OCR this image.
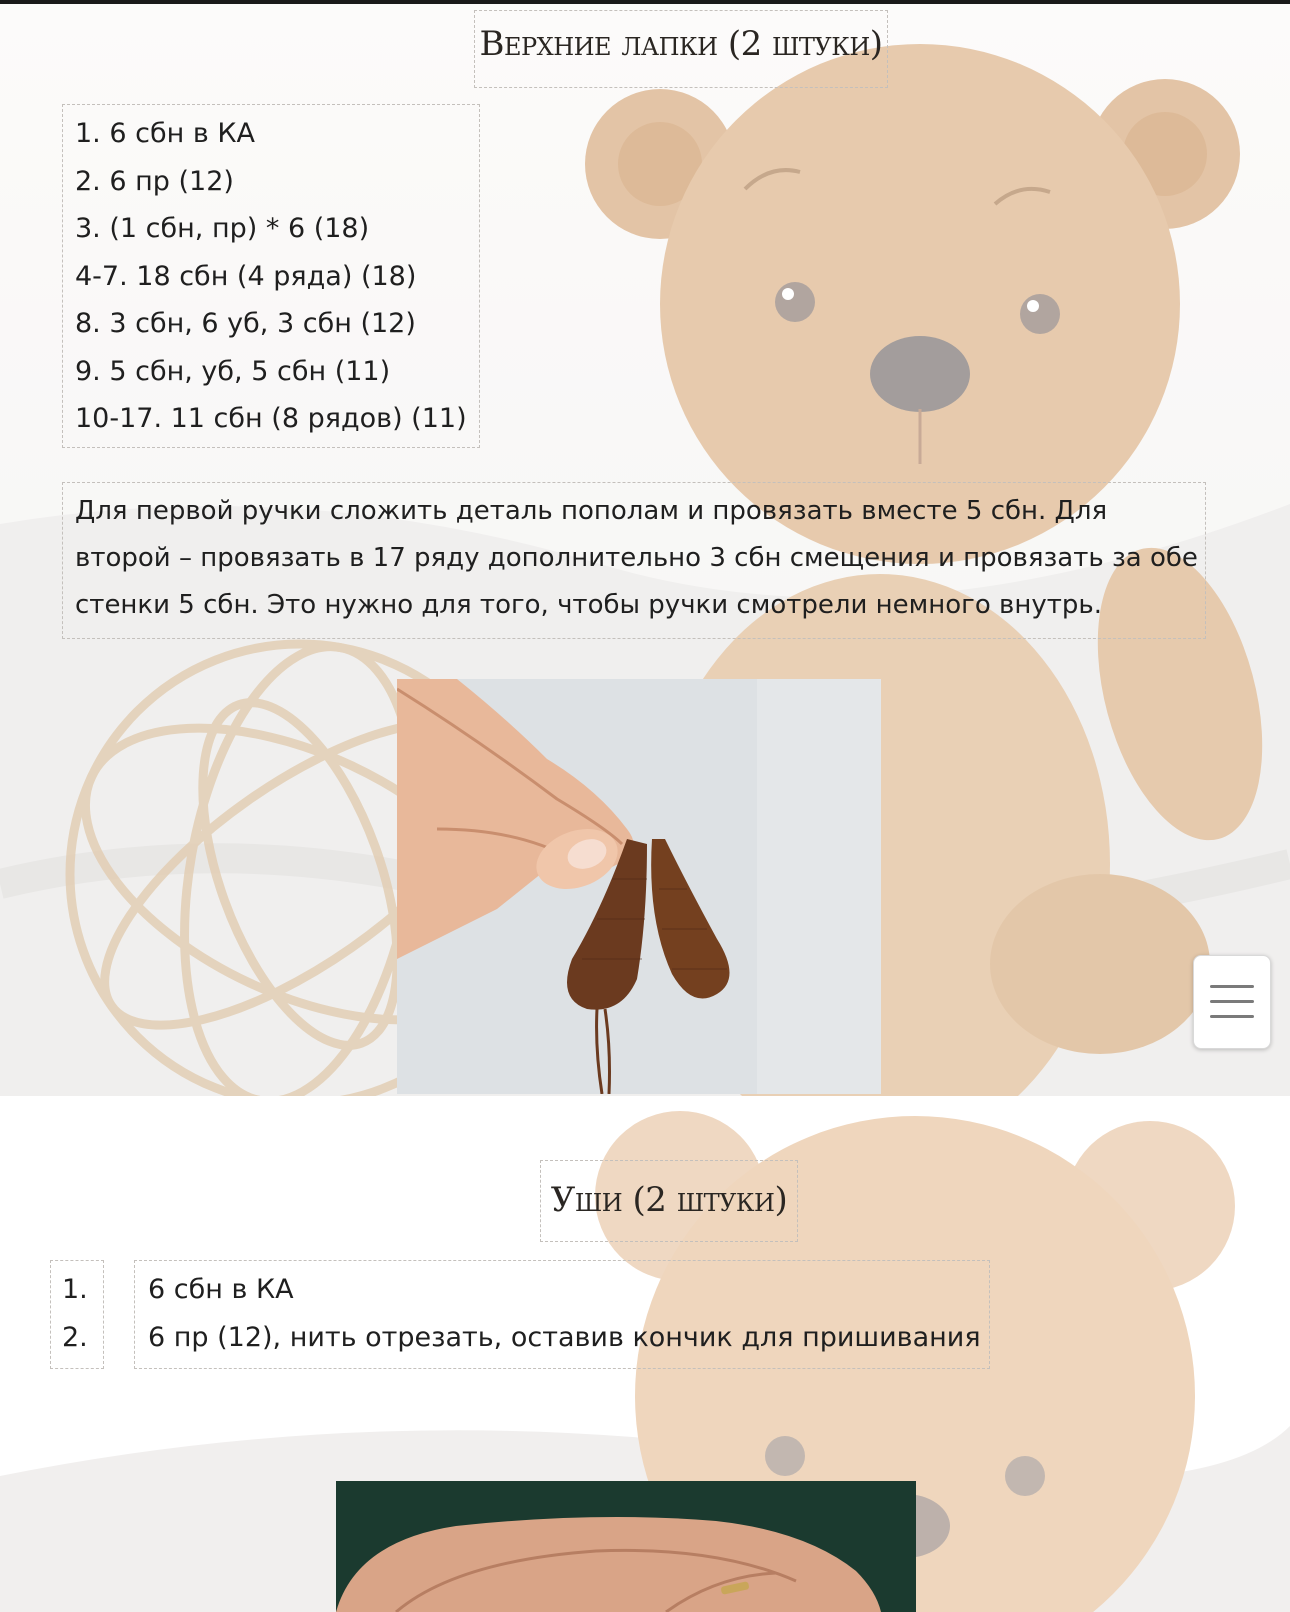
Верхние лапки (2 штуки)
1. 6 сбн в КА
2. 6 пр (12)
3. (1 сбн, пр) * 6 (18)
4-7. 18 сбн (4 ряда) (18)
8. 3 сбн, 6 уб, 3 сбн (12)
9. 5 сбн, уб, 5 сбн (11)
10-17. 11 сбн (8 рядов) (11)

Для первой ручки сложить деталь пополам и провязать вместе 5 сбн. Для второй – провязать в 17 ряду дополнительно 3 сбн смещения и провязать за обе стенки 5 сбн. Это нужно для того, чтобы ручки смотрели немного внутрь.

Уши (2 штуки)
1.
2.
6 сбн в КА
6 пр (12), нить отрезать, оставив кончик для пришивания
